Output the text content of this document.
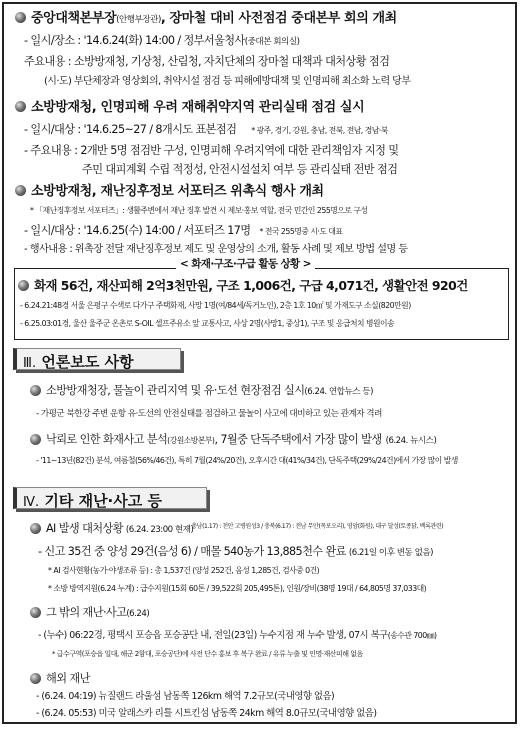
중앙대책본부장(안행부장관), 장마철 대비 사전점검 중대본부 회의 개최
- 일시/장소 : '14.6.24(화) 14:00 / 정부서울청사(중대본 회의실)
주요내용 : 소방방재청, 기상청, 산림청, 자치단체의 장마철 대책과 대처상황 점검
(시·도) 부단체장과 영상회의, 취약시설 점검 등 피해예방대책 및 인명피해 최소화 노력 당부
소방방재청, 인명피해 우려 재해취약지역 관리실태 점검 실시
- 일시/대상 : '14.6.25~27 / 8개시도 표본점검 * 광주, 경기, 강원, 충남, 전북, 전남, 경남·북
- 주요내용 : 2개반 5명 점검반 구성, 인명피해 우려지역에 대한 관리책임자 지정 및
주민 대피계획 수립 적정성, 안전시설설치 여부 등 관리실태 전반 점검
소방방재청, 재난징후정보 서포터즈 위촉식 행사 개최
* 「재난징후정보 서포터즈」: 생활주변에서 재난 징후 발견 시 제보·홍보 역할, 전국 민간인 255명으로 구성
- 일시/대상 : '14.6.25(수) 14:00 / 서포터즈 17명 * 전국 255명중 시·도 대표
- 행사내용 : 위촉장 전달 재난징후정보 제도 및 운영상의 소개, 활동 사례 및 제보 방법 설명 등
< 화재·구조·구급 활동 상황 >
화재 56건, 재산피해 2억3천만원, 구조 1,006건, 구급 4,071건, 생활안전 920건
- 6.24.21:48경 서울 은평구 수색로 다가구 주택화재, 사망 1명(여/84세/독거노인), 2층 1호 10㎡ 및 가재도구 소실(820만원)
- 6.25.03:01경, 울산 울주군 온촌로 S-OIL 셀프주유소 앞 교통사고, 사상 2명(사망1, 중상1), 구조 및 응급처치 병원이송
Ⅲ. 언론보도 사항
소방방재청장, 물놀이 관리지역 및 유·도선 현장점검 실시(6.24. 연합뉴스 등)
- 가평군 북한강 주변 운항 유·도선의 안전실태를 점검하고 물놀이 사고에 대비하고 있는 관계자 격려
낙뢰로 인한 화재사고 분석(강원소방본부), 7월중 단독주택에서 가장 많이 발생 (6.24. 뉴시스)
- '11~13년(82건) 분석, 여름철(56%/46건), 특히 7월(24%/20건), 오후시간 대(41%/34건), 단독주택(29%/24건)에서 가장 많이 발생
Ⅳ. 기타 재난·사고 등
AI 발생 대처상황 (6.24. 23:00 현재)
- 충남(1.17) : 천안 고병원성3 / 충북(6.17) : 전남 무안(목포오리), 영암(화원), 대구 달성(토종닭, 백록관련)
- 신고 35건 중 양성 29건(음성 6) / 매몰 540농가 13,885천수 완료 (6.21일 이후 변동 없음)
* AI 검사현황(농가·야생조류 등) : 총 1,537건 (양성 252건, 음성 1,285건, 검사중 0건)
* 소방 방역지원(6.24 누계) : 급수지원(15회 60톤 / 39,522회 205,495톤), 인원/장비(38명 19대 / 64,805명 37,033대)
그 밖의 재난·사고(6.24)
- (누수) 06:22경, 평택시 포승읍 포승공단 내, 전일(23일) 누수지점 재 누수 발생, 07시 복구(송수관 700㎜)
* 급수구역(포승읍 일대, 해군 2함대, 포승공단)에 사전 단수 홍보 후 복구 완료 / 유류 누출 및 인명·재산피해 없음
해외 재난
- (6.24. 04:19) 뉴질랜드 라울섬 남동쪽 126km 해역 7.2규모(국내영향 없음)
- (6.24. 05:53) 미국 알래스카 리틀 시트킨섬 남동쪽 24km 해역 8.0규모(국내영향 없음)
